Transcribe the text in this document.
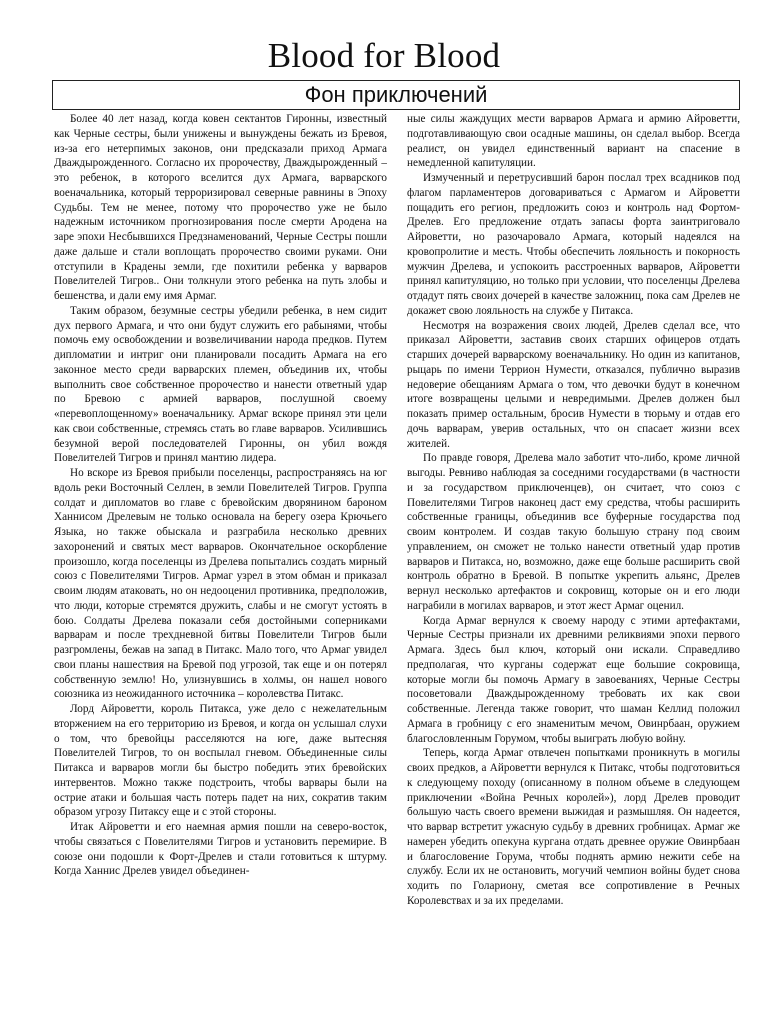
Blood for Blood
Фон приключений

Более 40 лет назад, когда ковен сектантов Гиронны, известный как Черные сестры, были унижены и вынуждены бежать из Бревоя, из-за его нетерпимых законов, они предсказали приход Армага Дваждырожденного. Согласно их пророчеству, Дваждырожденный – это ребенок, в которого вселится дух Армага, варварского военачальника, который терроризировал северные равнины в Эпоху Судьбы. Тем не менее, потому что пророчество уже не было надежным источником прогнозирования после смерти Ародена на заре эпохи Несбывшихся Предзнаменований, Черные Сестры пошли даже дальше и стали воплощать пророчество своими руками. Они отступили в Крадены земли, где похитили ребенка у варваров Повелителей Тигров.. Они толкнули этого ребенка на путь злобы и бешенства, и дали ему имя Армаг.

Таким образом, безумные сестры убедили ребенка, в нем сидит дух первого Армага, и что они будут служить его рабынями, чтобы помочь ему освобождении и возвеличивании народа предков. Путем дипломатии и интриг они планировали посадить Армага на его законное место среди варварских племен, объединив их, чтобы выполнить свое собственное пророчество и нанести ответный удар по Бревою с армией варваров, послушной своему «перевоплощенному» военачальнику. Армаг вскоре принял эти цели как свои собственные, стремясь стать во главе варваров. Усилившись безумной верой последователей Гиронны, он убил вождя Повелителей Тигров и принял мантию лидера.

Но вскоре из Бревоя прибыли поселенцы, распространяясь на юг вдоль реки Восточный Селлен, в земли Повелителей Тигров. Группа солдат и дипломатов во главе с бревойским дворянином бароном Ханнисом Дрелевым не только основала на берегу озера Крючьего Языка, но также обыскала и разграбила несколько древних захоронений и святых мест варваров. Окончательное оскорбление произошло, когда поселенцы из Дрелева попытались создать мирный союз с Повелителями Тигров. Армаг узрел в этом обман и приказал своим людям атаковать, но он недооценил противника, предположив, что люди, которые стремятся дружить, слабы и не смогут устоять в бою. Солдаты Дрелева показали себя достойными соперниками варварам и после трехдневной битвы Повелители Тигров были разгромлены, бежав на запад в Питакс. Мало того, что Армаг увидел свои планы нашествия на Бревой под угрозой, так еще и он потерял собственную землю! Но, улизнувшись в холмы, он нашел нового союзника из неожиданного источника – королевства Питакс.

Лорд Айроветти, король Питакса, уже дело с нежелательным вторжением на его территорию из Бревоя, и когда он услышал слухи о том, что бревойцы расселяются на юге, даже вытесняя Повелителей Тигров, то он воспылал гневом. Объединенные силы Питакса и варваров могли бы быстро победить этих бревойских интервентов. Можно также подстроить, чтобы варвары были на острие атаки и большая часть потерь падет на них, сократив таким образом угрозу Питаксу еще и с этой стороны.

Итак Айроветти и его наемная армия пошли на северо-восток, чтобы связаться с Повелителями Тигров и установить перемирие. В союзе они подошли к Форт-Дрелев и стали готовиться к штурму. Когда Ханнис Дрелев увидел объединен-

ные силы жаждущих мести варваров Армага и армию Айроветти, подготавливающую свои осадные машины, он сделал выбор. Всегда реалист, он увидел единственный вариант на спасение в немедленной капитуляции.

Измученный и перетрусивший барон послал трех всадников под флагом парламентеров договариваться с Армагом и Айроветти пощадить его регион, предложить союз и контроль над Фортом-Дрелев. Его предложение отдать запасы форта заинтриговало Айроветти, но разочаровало Армага, который надеялся на кровопролитие и месть. Чтобы обеспечить лояльность и покорность мужчин Дрелева, и успокоить расстроенных варваров, Айроветти принял капитуляцию, но только при условии, что поселенцы Дрелева отдадут пять своих дочерей в качестве заложниц, пока сам Дрелев не докажет свою лояльность на службе у Питакса.

Несмотря на возражения своих людей, Дрелев сделал все, что приказал Айроветти, заставив своих старших офицеров отдать старших дочерей варварскому военачальнику. Но один из капитанов, рыцарь по имени Террион Нумести, отказался, публично выразив недоверие обещаниям Армага о том, что девочки будут в конечном итоге возвращены целыми и невредимыми. Дрелев должен был показать пример остальным, бросив Нумести в тюрьму и отдав его дочь варварам, уверив остальных, что он спасает жизни всех жителей.

По правде говоря, Дрелева мало заботит что-либо, кроме личной выгоды. Ревниво наблюдая за соседними государствами (в частности и за государством приключенцев), он считает, что союз с Повелителями Тигров наконец даст ему средства, чтобы расширить собственные границы, объединив все буферные государства под своим контролем. И создав такую большую страну под своим управлением, он сможет не только нанести ответный удар против варваров и Питакса, но, возможно, даже еще больше расширить свой контроль обратно в Бревой. В попытке укрепить альянс, Дрелев вернул несколько артефактов и сокровищ, которые он и его люди награбили в могилах варваров, и этот жест Армаг оценил.

Когда Армаг вернулся к своему народу с этими артефактами, Черные Сестры признали их древними реликвиями эпохи первого Армага. Здесь был ключ, который они искали. Справедливо предполагая, что курганы содержат еще большие сокровища, которые могли бы помочь Армагу в завоеваниях, Черные Сестры посоветовали Дваждырожденному требовать их как свои собственные. Легенда также говорит, что шаман Келлид положил Армага в гробницу с его знаменитым мечом, Овинрбаан, оружием благословленным Горумом, чтобы выиграть любую войну.

Теперь, когда Армаг отвлечен попытками проникнуть в могилы своих предков, а Айроветти вернулся к Питакс, чтобы подготовиться к следующему походу (описанному в полном объеме в следующем приключении «Война Речных королей»), лорд Дрелев проводит большую часть своего времени выжидая и размышляя. Он надеется, что варвар встретит ужасную судьбу в древних гробницах. Армаг же намерен убедить опекуна кургана отдать древнее оружие Овинрбаан и благословение Горума, чтобы поднять армию нежити себе на службу. Если их не остановить, могучий чемпион войны будет снова ходить по Голариону, сметая все сопротивление в Речных Королевствах и за их пределами.
